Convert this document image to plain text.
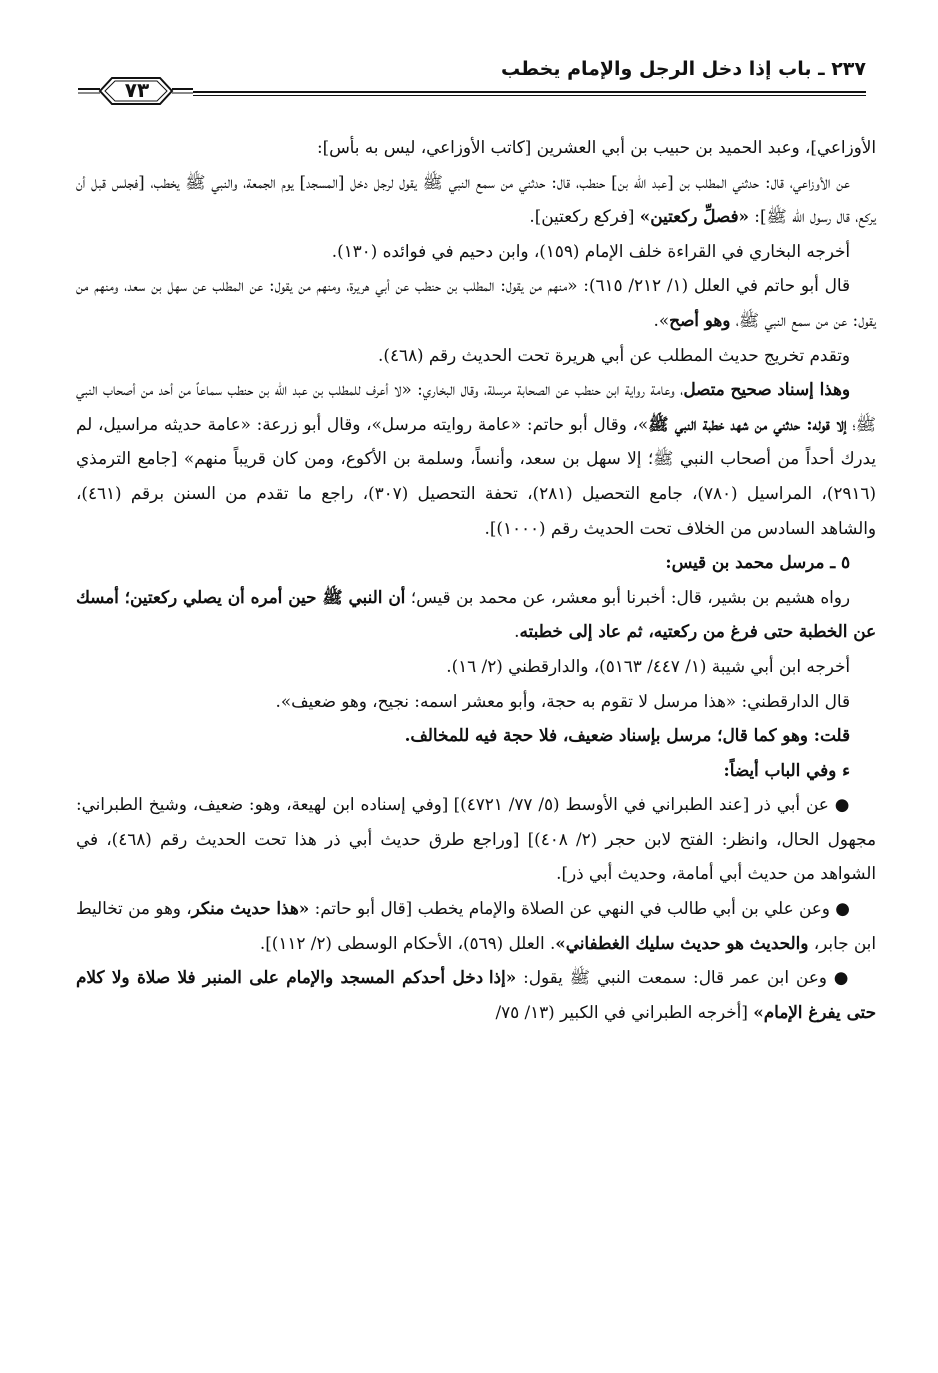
٢٣٧ ـ باب إذا دخل الرجل والإمام يخطب
٧٣

الأوزاعي]، وعبد الحميد بن حبيب بن أبي العشرين [كاتب الأوزاعي، ليس به بأس]:

عن الأوزاعي، قال: حدثني المطلب بن [عبد الله بن] حنطب، قال: حدثني من سمع النبي ﷺ يقول لرجل دخل [المسجد] يوم الجمعة، والنبي ﷺ يخطب، [فجلس قبل أن يركع، قال رسول الله ﷺ]: «فصلِّ ركعتين» [فركع ركعتين].

أخرجه البخاري في القراءة خلف الإمام (١٥٩)، وابن دحيم في فوائده (١٣٠).

قال أبو حاتم في العلل (١/ ٢١٢/ ٦١٥): «منهم من يقول: المطلب بن حنطب عن أبي هريرة، ومنهم من يقول: عن المطلب عن سهل بن سعد، ومنهم من يقول: عن من سمع النبي ﷺ، وهو أصح».

وتقدم تخريج حديث المطلب عن أبي هريرة تحت الحديث رقم (٤٦٨).

وهذا إسناد صحيح متصل، وعامة رواية ابن حنطب عن الصحابة مرسلة، وقال البخاري: «لا أعرف للمطلب بن عبد الله بن حنطب سماعاً من أحد من أصحاب النبي ﷺ؛ إلا قوله: حدثني من شهد خطبة النبي ﷺ»، وقال أبو حاتم: «عامة روايته مرسل»، وقال أبو زرعة: «عامة حديثه مراسيل، لم يدرك أحداً من أصحاب النبي ﷺ؛ إلا سهل بن سعد، وأنساً، وسلمة بن الأكوع، ومن كان قريباً منهم» [جامع الترمذي (٢٩١٦)، المراسيل (٧٨٠)، جامع التحصيل (٢٨١)، تحفة التحصيل (٣٠٧)، راجع ما تقدم من السنن برقم (٤٦١)، والشاهد السادس من الخلاف تحت الحديث رقم (١٠٠٠)].

٥ ـ مرسل محمد بن قيس:

رواه هشيم بن بشير، قال: أخبرنا أبو معشر، عن محمد بن قيس؛ أن النبي ﷺ حين أمره أن يصلي ركعتين؛ أمسك عن الخطبة حتى فرغ من ركعتيه، ثم عاد إلى خطبته.

أخرجه ابن أبي شيبة (١/ ٤٤٧/ ٥١٦٣)، والدارقطني (٢/ ١٦).

قال الدارقطني: «هذا مرسل لا تقوم به حجة، وأبو معشر اسمه: نجيح، وهو ضعيف».

قلت: وهو كما قال؛ مرسل بإسناد ضعيف، فلا حجة فيه للمخالف.

ء وفي الباب أيضاً:

● عن أبي ذر [عند الطبراني في الأوسط (٥/ ٧٧/ ٤٧٢١)] [وفي إسناده ابن لهيعة، وهو: ضعيف، وشيخ الطبراني: مجهول الحال، وانظر: الفتح لابن حجر (٢/ ٤٠٨)] [وراجع طرق حديث أبي ذر هذا تحت الحديث رقم (٤٦٨)، في الشواهد من حديث أبي أمامة، وحديث أبي ذر].

● وعن علي بن أبي طالب في النهي عن الصلاة والإمام يخطب [قال أبو حاتم: «هذا حديث منكر، وهو من تخاليط ابن جابر، والحديث هو حديث سليك الغطفاني». العلل (٥٦٩)، الأحكام الوسطى (٢/ ١١٢)].

● وعن ابن عمر قال: سمعت النبي ﷺ يقول: «إذا دخل أحدكم المسجد والإمام على المنبر فلا صلاة ولا كلام حتى يفرغ الإمام» [أخرجه الطبراني في الكبير (١٣/ ٧٥/
